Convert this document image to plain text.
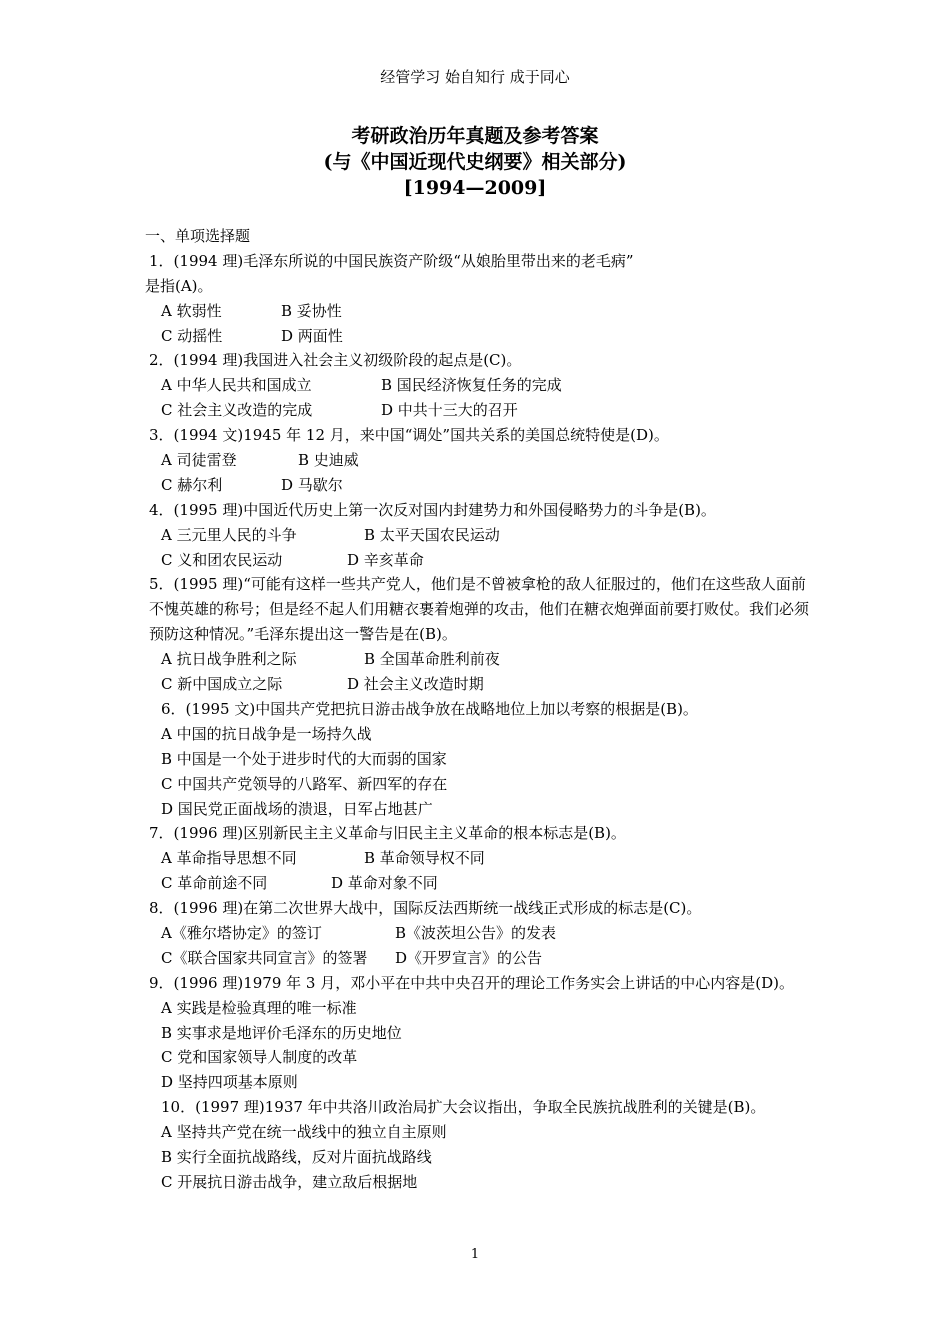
经管学习 始自知行 成于同心
考研政治历年真题及参考答案
(与《中国近现代史纲要》相关部分)
[1994—2009]
一、单项选择题
1．(1994 理)毛泽东所说的中国民族资产阶级“从娘胎里带出来的老毛病”
是指(A)。
A 软弱性	B 妥协性
C 动摇性	D 两面性
2．(1994 理)我国进入社会主义初级阶段的起点是(C)。
A 中华人民共和国成立	B 国民经济恢复任务的完成
C 社会主义改造的完成	D 中共十三大的召开
3．(1994 文)1945 年 12 月，来中国“调处”国共关系的美国总统特使是(D)。
A 司徒雷登	B 史迪威
C 赫尔利	D 马歇尔
4．(1995 理)中国近代历史上第一次反对国内封建势力和外国侵略势力的斗争是(B)。
A 三元里人民的斗争	B 太平天国农民运动
C 义和团农民运动	D 辛亥革命
5．(1995 理)“可能有这样一些共产党人，他们是不曾被拿枪的敌人征服过的，他们在这些敌人面前不愧英雄的称号；但是经不起人们用糖衣裹着炮弹的攻击，他们在糖衣炮弹面前要打败仗。我们必须预防这种情况。”毛泽东提出这一警告是在(B)。
A 抗日战争胜利之际	B 全国革命胜利前夜
C 新中国成立之际	D 社会主义改造时期
6．(1995 文)中国共产党把抗日游击战争放在战略地位上加以考察的根据是(B)。
A 中国的抗日战争是一场持久战
B 中国是一个处于进步时代的大而弱的国家
C 中国共产党领导的八路军、新四军的存在
D 国民党正面战场的溃退，日军占地甚广
7．(1996 理)区别新民主主义革命与旧民主主义革命的根本标志是(B)。
A 革命指导思想不同	B 革命领导权不同
C 革命前途不同	D 革命对象不同
8．(1996 理)在第二次世界大战中，国际反法西斯统一战线正式形成的标志是(C)。
A《雅尔塔协定》的签订	B《波茨坦公告》的发表
C《联合国家共同宣言》的签署 D《开罗宣言》的公告
9．(1996 理)1979 年 3 月，邓小平在中共中央召开的理论工作务实会上讲话的中心内容是(D)。
A 实践是检验真理的唯一标准
B 实事求是地评价毛泽东的历史地位
C 党和国家领导人制度的改革
D 坚持四项基本原则
10．(1997 理)1937 年中共洛川政治局扩大会议指出，争取全民族抗战胜利的关键是(B)。
A 坚持共产党在统一战线中的独立自主原则
B 实行全面抗战路线，反对片面抗战路线
C 开展抗日游击战争，建立敌后根据地
1
